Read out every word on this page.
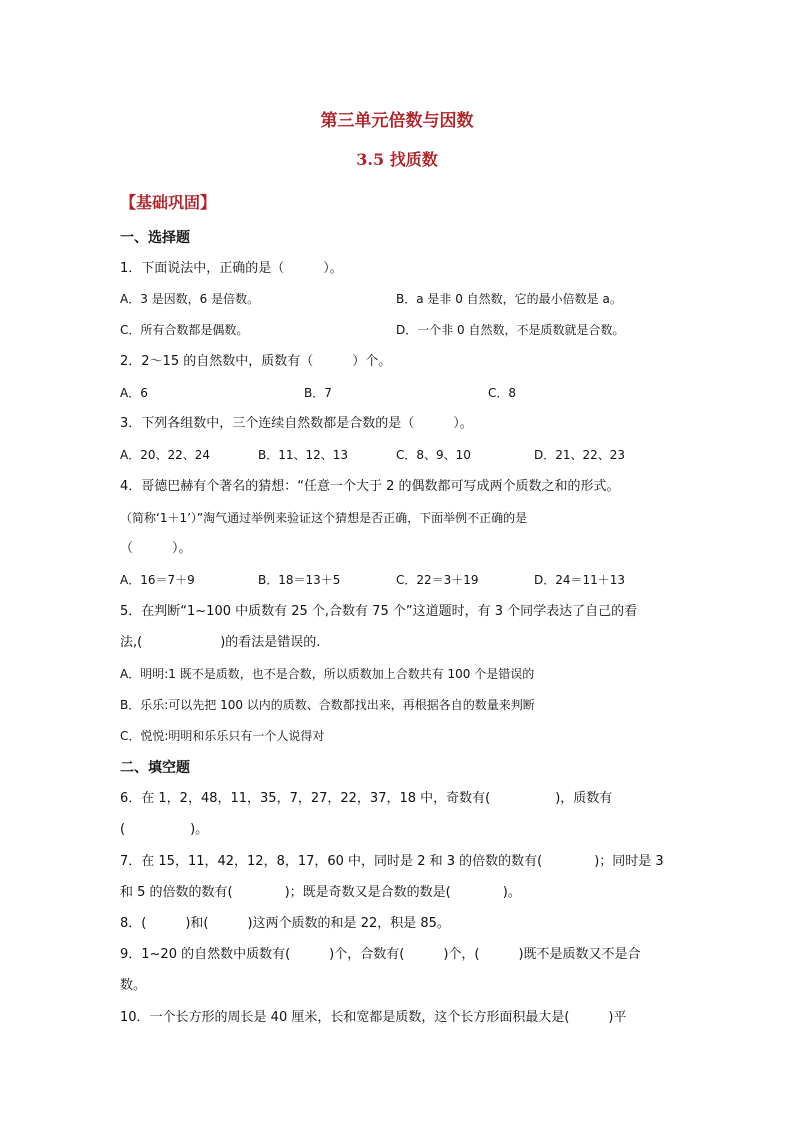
第三单元倍数与因数
3.5 找质数
【基础巩固】
一、选择题
1．下面说法中，正确的是（　　　）。
A．3 是因数，6 是倍数。	B．a 是非 0 自然数，它的最小倍数是 a。
C．所有合数都是偶数。	D．一个非 0 自然数，不是质数就是合数。
2．2～15 的自然数中，质数有（　　　）个。
A．6	B．7	C．8
3．下列各组数中，三个连续自然数都是合数的是（　　　）。
A．20、22、24	B．11、12、13	C．8、9、10	D．21、22、23
4．哥德巴赫有个著名的猜想：“任意一个大于 2 的偶数都可写成两个质数之和的形式。
（简称‘1＋1’）”淘气通过举例来验证这个猜想是否正确，下面举例不正确的是
（　　　）。
A．16＝7＋9	B．18＝13＋5	C．22＝3＋19	D．24＝11＋13
5．在判断“1~100 中质数有 25 个,合数有 75 个”这道题时，有 3 个同学表达了自己的看
法,(　　　　　　)的看法是错误的.
A．明明:1 既不是质数，也不是合数，所以质数加上合数共有 100 个是错误的
B．乐乐:可以先把 100 以内的质数、合数都找出来，再根据各自的数量来判断
C．悦悦:明明和乐乐只有一个人说得对
二、填空题
6．在 1，2，48，11，35，7，27，22，37，18 中，奇数有(　　　　　)，质数有
(　　　　　)。
7．在 15，11，42，12，8，17，60 中，同时是 2 和 3 的倍数的数有(　　　　)；同时是 3
和 5 的倍数的数有(　　　　)；既是奇数又是合数的数是(　　　　)。
8．(　　　)和(　　　)这两个质数的和是 22，积是 85。
9．1~20 的自然数中质数有(　　　)个，合数有(　　　)个，(　　　)既不是质数又不是合
数。
10．一个长方形的周长是 40 厘米，长和宽都是质数，这个长方形面积最大是(　　　)平
